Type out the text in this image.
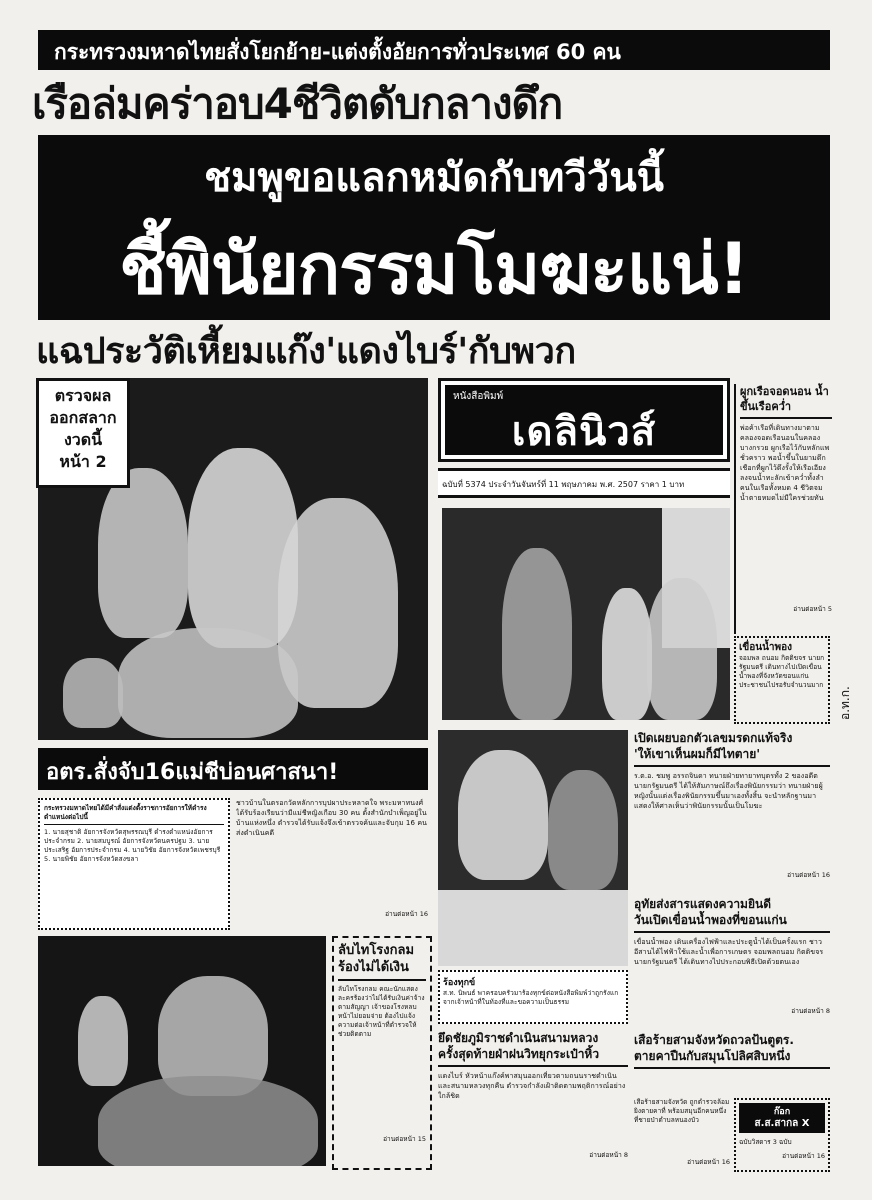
กระทรวงมหาดไทยสั่งโยกย้าย-แต่งตั้งอัยการทั่วประเทศ 60 คน
เรือล่มคร่าอบ4ชีวิตดับกลางดึก
ชมพูขอแลกหมัดกับทวีวันนี้
ชี้พินัยกรรมโมฆะแน่!
แฉประวัติเหี้ยมแก๊ง'แดงไบร์'กับพวก
ตรวจผล
ออกสลาก
งวดนี้
หน้า 2
หนังสือพิมพ์
เดลินิวส์
ฉบับที่ 5374 ประจำวันจันทร์ที่ 11 พฤษภาคม พ.ศ. 2507 ราคา 1 บาท
ผูกเรือจอดนอน น้ำขึ้นเรือคว่ำ
พ่อค้าเรือที่เดินทางมาตามคลองจอดเรือนอนในคลองบางกรวย ผูกเรือไว้กับหลักแพชั่วคราว พอน้ำขึ้นในยามดึกเชือกที่ผูกไว้ดึงรั้งให้เรือเอียงลงจนน้ำทะลักเข้าคว่ำทั้งลำ คนในเรือทั้งหมด 4 ชีวิตจมน้ำตายหมดไม่มีใครช่วยทัน
อ่านต่อหน้า 5
อ.ท.ก.
เขื่อนน้ำพอง
จอมพล ถนอม กิตติขจร นายกรัฐมนตรี เดินทางไปเปิดเขื่อนน้ำพองที่จังหวัดขอนแก่น ประชาชนไปรอรับจำนวนมาก
อตร.สั่งจับ16แม่ชีบ่อนศาสนา!
กระทรวงมหาดไทยได้มีคำสั่งแต่งตั้งราชการอัยการให้ดำรงตำแหน่งต่อไปนี้
1. นายสุชาติ อัยการจังหวัดสุพรรณบุรี ดำรงตำแหน่งอัยการประจำกรม 2. นายสมบูรณ์ อัยการจังหวัดนครปฐม 3. นายประเสริฐ อัยการประจำกรม 4. นายวิชัย อัยการจังหวัดเพชรบุรี 5. นายพิชัย อัยการจังหวัดสงขลา
ชาวบ้านในตรอกวัดหลักการบุปผาประหลาดใจ พระมหาทนงศ์ได้รับร้องเรียนว่ามีแม่ชีหญิงเกือบ 30 คน ตั้งสำนักบำเพ็ญอยู่ในบ้านแห่งหนึ่ง ตำรวจได้รับแจ้งจึงเข้าตรวจค้นและจับกุม 16 คน ส่งดำเนินคดี
อ่านต่อหน้า 16
ลับไทโรงกลม
ร้องไม่ได้เงิน
ลับไทโรงกลม คณะนักแสดงละครร้องว่าไม่ได้รับเงินค่าจ้างตามสัญญา เจ้าของโรงหลบหน้าไม่ยอมจ่าย ต้องไปแจ้งความต่อเจ้าหน้าที่ตำรวจให้ช่วยติดตาม
อ่านต่อหน้า 15
ร้องทุกข์
ส.ท. นิพนธ์ พาครอบครัวมาร้องทุกข์ต่อหนังสือพิมพ์ว่าถูกรังแกจากเจ้าหน้าที่ในท้องที่และขอความเป็นธรรม
ยึดชัยภูมิราชดำเนินสนามหลวง
ครั้งสุดท้ายฝ่าฝนวิทยุกระเป๋าหิ้ว
แดงไบร์ หัวหน้าแก๊งค์พาสมุนออกเที่ยวตามถนนราชดำเนินและสนามหลวงทุกคืน ตำรวจกำลังเฝ้าติดตามพฤติการณ์อย่างใกล้ชิด
อ่านต่อหน้า 8
เปิดเผยบอกตัวเลขมรดกแท้จริง
'ให้เขาเห็นผมก็มีไทตาย'
ร.ต.อ. ชมพู อรรถจินดา ทนายฝ่ายทายาทบุตรทั้ง 2 ของอดีตนายกรัฐมนตรี ได้ให้สัมภาษณ์ถึงเรื่องพินัยกรรมว่า ทนายฝ่ายผู้หญิงนั้นแต่งเรื่องพินัยกรรมขึ้นมาเองทั้งสิ้น จะนำหลักฐานมาแสดงให้ศาลเห็นว่าพินัยกรรมนั้นเป็นโมฆะ
อ่านต่อหน้า 16
อุทัยส่งสารแสดงความยินดี
วันเปิดเขื่อนน้ำพองที่ขอนแก่น
เขื่อนน้ำพอง เดินเครื่องไฟฟ้าและประตูน้ำได้เป็นครั้งแรก ชาวอีสานได้ไฟฟ้าใช้และน้ำเพื่อการเกษตร จอมพลถนอม กิตติขจร นายกรัฐมนตรี ได้เดินทางไปประกอบพิธีเปิดด้วยตนเอง
อ่านต่อหน้า 8
เสือร้ายสามจังหวัดถวลป้นตูตร.
ตายคาปืนกับสมุนโปลิศสิบหนึ่ง
เสือร้ายสามจังหวัด ถูกตำรวจล้อมยิงตายคาที่ พร้อมสมุนอีกคนหนึ่ง ที่ชายป่าตำบลหนองบัว
อ่านต่อหน้า 16
ก๊อก
ส.ส.สากล X
ฉบับวิสดาร 3 ฉบับ
อ่านต่อหน้า 16
